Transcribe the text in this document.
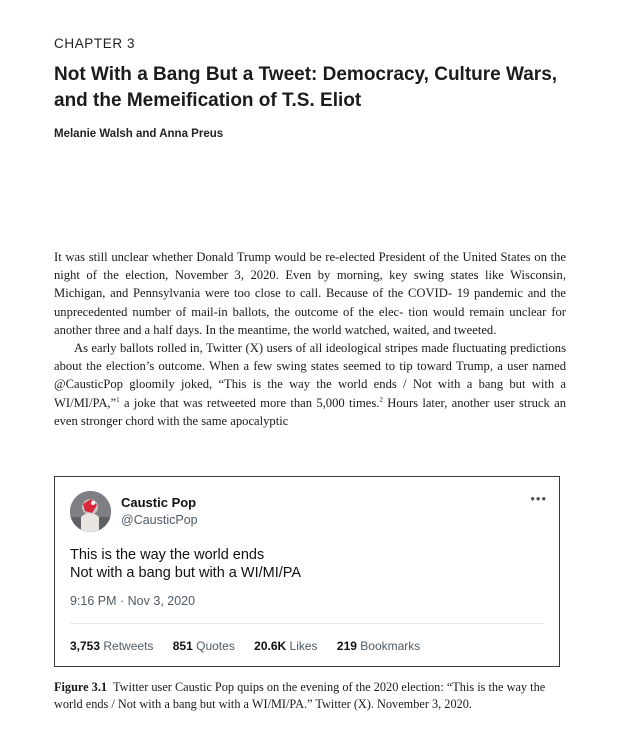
CHAPTER 3
Not With a Bang But a Tweet: Democracy, Culture Wars,
and the Memeification of T.S. Eliot
Melanie Walsh and Anna Preus

It was still unclear whether Donald Trump would be re-elected President of the United States on the night of the election, November 3, 2020. Even by morning, key swing states like Wisconsin, Michigan, and Pennsylvania were too close to call. Because of the COVID- 19 pandemic and the unprecedented number of mail-in ballots, the outcome of the elec- tion would remain unclear for another three and a half days. In the meantime, the world watched, waited, and tweeted.

As early ballots rolled in, Twitter (X) users of all ideological stripes made fluctuating predictions about the election’s outcome. When a few swing states seemed to tip toward Trump, a user named @CausticPop gloomily joked, “This is the way the world ends / Not with a bang but with a WI/MI/PA,”$^1$ a joke that was retweeted more than 5,000 times.$^2$ Hours later, another user struck an even stronger chord with the same apocalyptic

Caustic Pop
@CausticPop
•••
This is the way the world ends
Not with a bang but with a WI/MI/PA
9:16 PM · Nov 3, 2020
3,753 Retweets 851 Quotes 20.6K Likes 219 Bookmarks
Figure 3.1 Twitter user Caustic Pop quips on the evening of the 2020 election: “This is the way the world ends / Not with a bang but with a WI/MI/PA.” Twitter (X). November 3, 2020.
